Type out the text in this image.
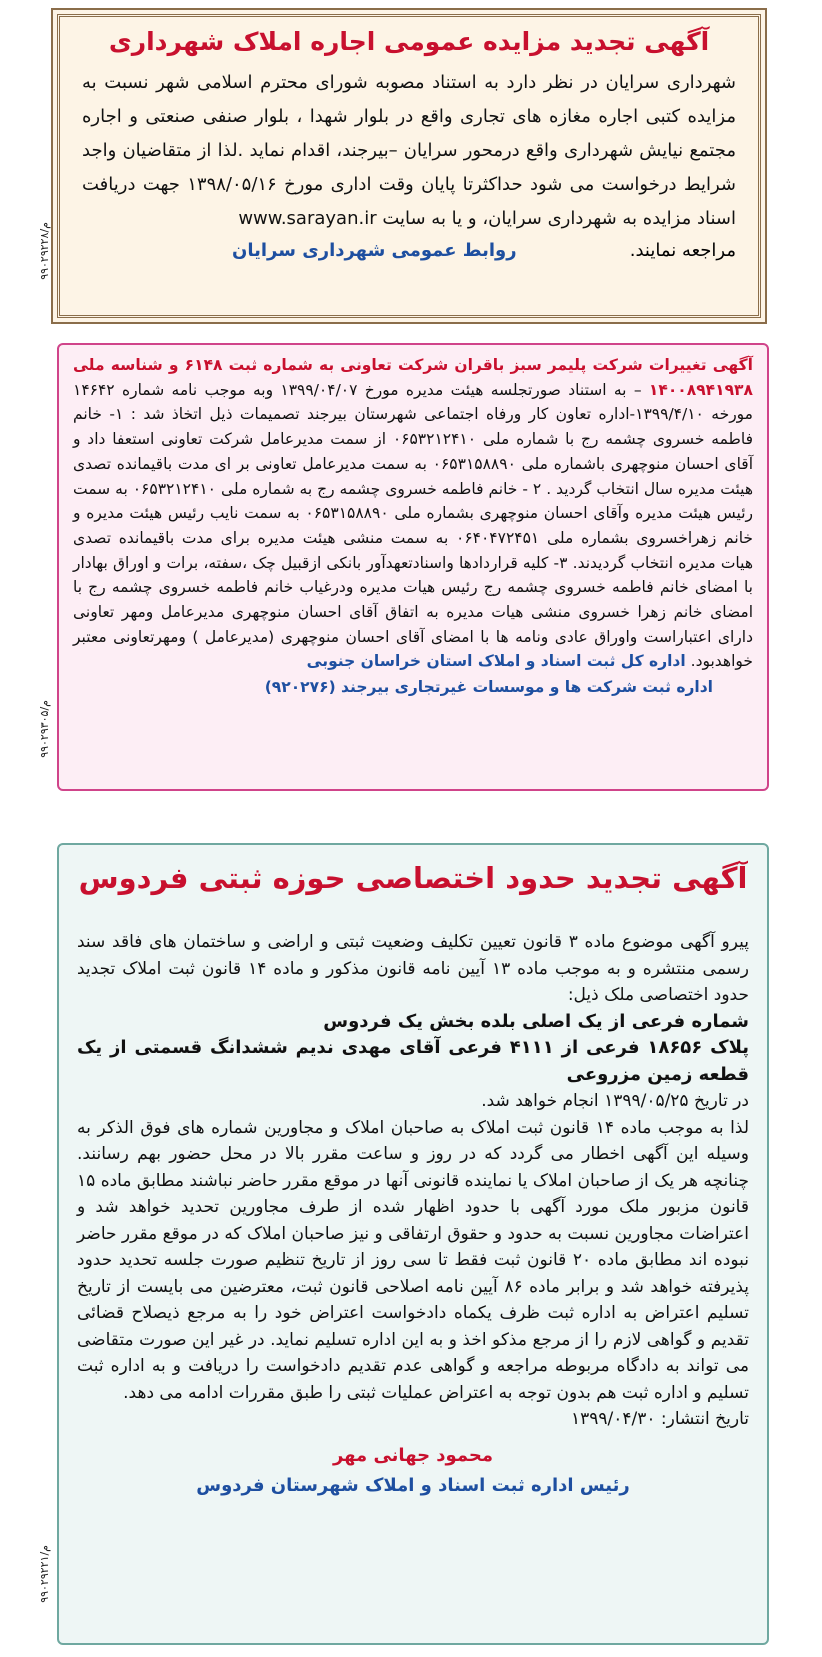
آگهی تجدید مزایده عمومی اجاره املاک شهرداری

شهرداری سرایان در نظر دارد به استناد مصوبه شورای محترم اسلامی شهر نسبت به مزایده کتبی اجاره مغازه های تجاری واقع در بلوار شهدا ، بلوار صنفی صنعتی و اجاره مجتمع نیایش شهرداری واقع درمحور سرایان –بیرجند، اقدام نماید .لذا از متقاضیان واجد شرایط درخواست می شود حداکثرتا پایان وقت اداری مورخ ۱۳۹۸/۰۵/۱۶ جهت دریافت اسناد مزایده به شهرداری سرایان، و یا به سایت www.sarayan.ir

مراجعه نمایند.
روابط عمومی شهرداری سرایان
م/۹۹۰۲۹۲۲۸

آگهی تغییرات شرکت پلیمر سبز باقران شرکت تعاونی به شماره ثبت ۶۱۴۸ و شناسه ملی ۱۴۰۰۸۹۴۱۹۳۸ – به استناد صورتجلسه هیئت مدیره مورخ ۱۳۹۹/۰۴/۰۷ وبه موجب نامه شماره ۱۴۶۴۲ مورخه ۱۳۹۹/۴/۱۰-اداره تعاون کار ورفاه اجتماعی شهرستان بیرجند تصمیمات ذیل اتخاذ شد : ۱- خانم فاطمه خسروی چشمه رج با شماره ملی ۰۶۵۳۲۱۲۴۱۰ از سمت مدیرعامل شرکت تعاونی استعفا داد و آقای احسان منوچهری باشماره ملی ۰۶۵۳۱۵۸۸۹۰ به سمت مدیرعامل تعاونی بر ای مدت باقیمانده تصدی هیئت مدیره سال انتخاب گردید . ۲ - خانم فاطمه خسروی چشمه رج به شماره ملی ۰۶۵۳۲۱۲۴۱۰ به سمت رئیس هیئت مدیره وآقای احسان منوچهری بشماره ملی ۰۶۵۳۱۵۸۸۹۰ به سمت نایب رئیس هیئت مدیره و خانم زهراخسروی بشماره ملی ۰۶۴۰۴۷۲۴۵۱ به سمت منشی هیئت مدیره برای مدت باقیمانده تصدی هیات مدیره انتخاب گردیدند. ۳- کلیه قراردادها واسنادتعهدآور بانکی ازقبیل چک ،سفته، برات و اوراق بهادار با امضای خانم فاطمه خسروی چشمه رج رئیس هیات مدیره ودرغیاب خانم فاطمه خسروی چشمه رج با امضای خانم زهرا خسروی منشی هیات مدیره به اتفاق آقای احسان منوچهری مدیرعامل ومهر تعاونی دارای اعتباراست واوراق عادی ونامه ها با امضای آقای احسان منوچهری (مدیرعامل ) ومهرتعاونی معتبر خواهدبود. اداره کل ثبت اسناد و املاک استان خراسان جنوبی

اداره ثبت شرکت ها و موسسات غیرتجاری بیرجند (۹۲۰۲۷۶)
م/۹۹۰۲۹۳۰۵
آگهی تجدید حدود اختصاصی حوزه ثبتی فردوس

پیرو آگهی موضوع ماده ۳ قانون تعیین تکلیف وضعیت ثبتی و اراضی و ساختمان های فاقد سند رسمی منتشره و به موجب ماده ۱۳ آیین نامه قانون مذکور و ماده ۱۴ قانون ثبت املاک تجدید حدود اختصاصی ملک ذیل:

شماره فرعی از یک اصلی بلده بخش یک فردوس

پلاک ۱۸۶۵۶ فرعی از ۴۱۱۱ فرعی آقای مهدی ندیم ششدانگ قسمتی از یک قطعه زمین مزروعی

در تاریخ ۱۳۹۹/۰۵/۲۵ انجام خواهد شد.

لذا به موجب ماده ۱۴ قانون ثبت املاک به صاحبان املاک و مجاورین شماره های فوق الذکر به وسیله این آگهی اخطار می گردد که در روز و ساعت مقرر بالا در محل حضور بهم رسانند. چنانچه هر یک از صاحبان املاک یا نماینده قانونی آنها در موقع مقرر حاضر نباشند مطابق ماده ۱۵ قانون مزبور ملک مورد آگهی با حدود اظهار شده از طرف مجاورین تحدید خواهد شد و اعتراضات مجاورین نسبت به حدود و حقوق ارتفاقی و نیز صاحبان املاک که در موقع مقرر حاضر نبوده اند مطابق ماده ۲۰ قانون ثبت فقط تا سی روز از تاریخ تنظیم صورت جلسه تحدید حدود پذیرفته خواهد شد و برابر ماده ۸۶ آیین نامه اصلاحی قانون ثبت، معترضین می بایست از تاریخ تسلیم اعتراض به اداره ثبت ظرف یکماه دادخواست اعتراض خود را به مرجع ذیصلاح قضائی تقدیم و گواهی لازم را از مرجع مذکو اخذ و به این اداره تسلیم نماید. در غیر این صورت متقاضی می تواند به دادگاه مربوطه مراجعه و گواهی عدم تقدیم دادخواست را دریافت و به اداره ثبت تسلیم و اداره ثبت هم بدون توجه به اعتراض عملیات ثبتی را طبق مقررات ادامه می دهد.

تاریخ انتشار: ۱۳۹۹/۰۴/۳۰

محمود جهانی مهر
رئیس اداره ثبت اسناد و املاک شهرستان فردوس
م/۹۹۰۲۹۲۲۱
